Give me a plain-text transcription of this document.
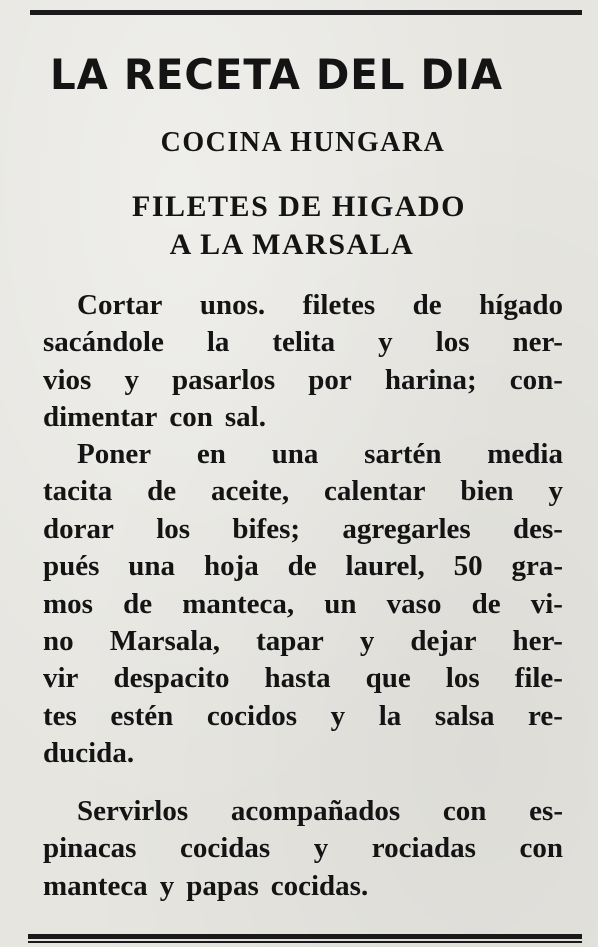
LA RECETA DEL DIA
COCINA HUNGARA
FILETES DE HIGADO
A LA MARSALA
Cortar unos. filetes de hígado
sacándole la telita y los ner-
vios y pasarlos por harina; con-
dimentar con sal.
Poner en una sartén media
tacita de aceite, calentar bien y
dorar los bifes; agregarles des-
pués una hoja de laurel, 50 gra-
mos de manteca, un vaso de vi-
no Marsala, tapar y dejar her-
vir despacito hasta que los file-
tes estén cocidos y la salsa re-
ducida.
Servirlos acompañados con es-
pinacas cocidas y rociadas con
manteca y papas cocidas.
